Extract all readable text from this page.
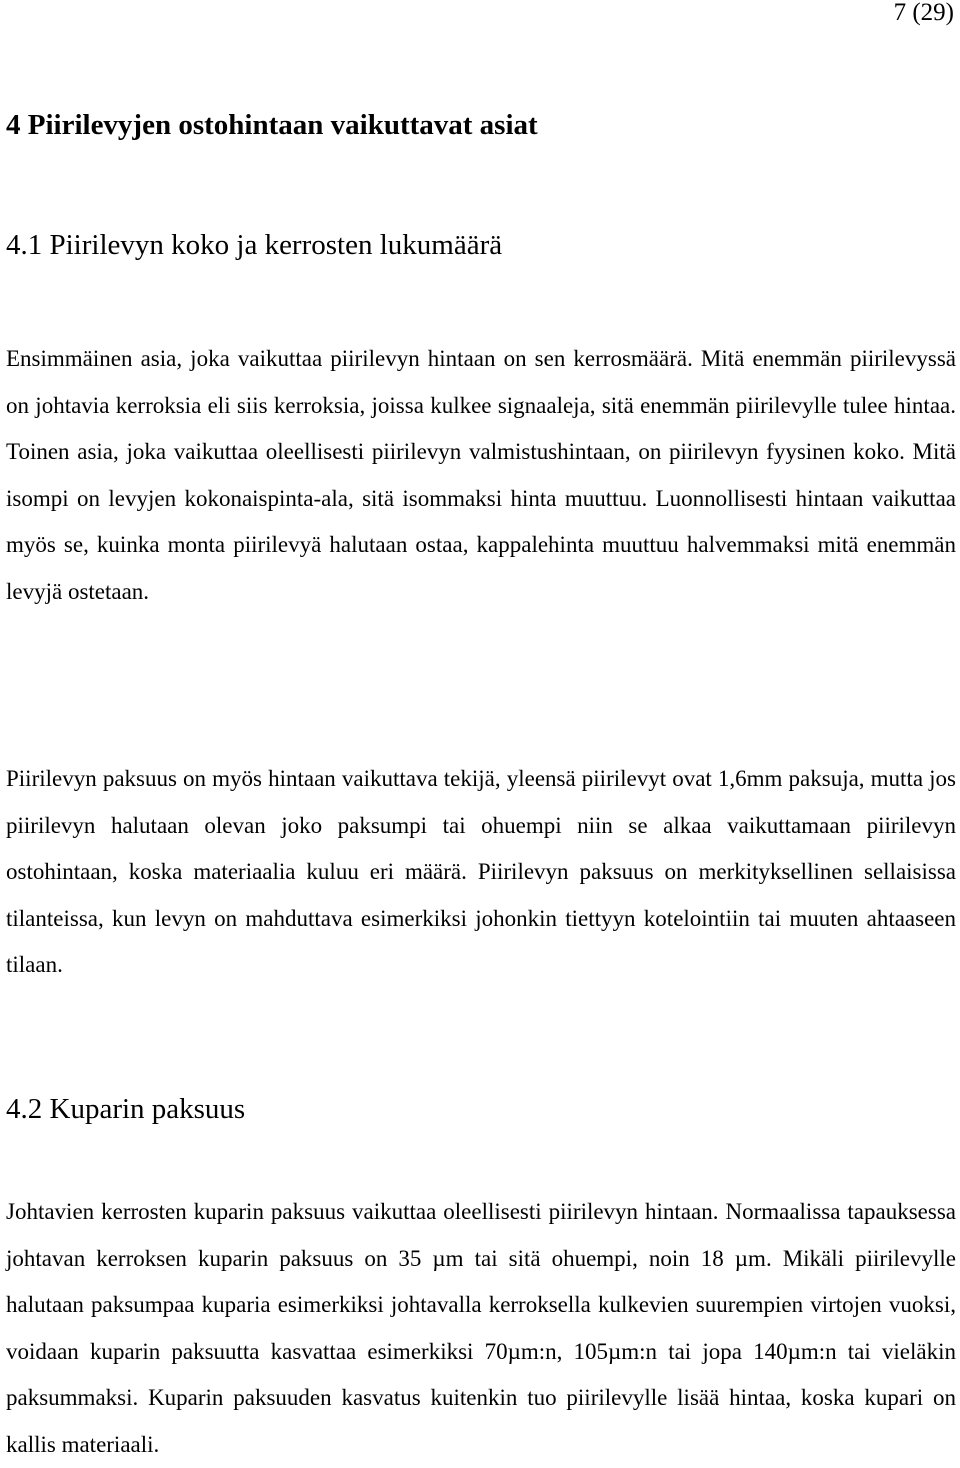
7 (29)
4 Piirilevyjen ostohintaan vaikuttavat asiat
4.1 Piirilevyn koko ja kerrosten lukumäärä

Ensimmäinen asia, joka vaikuttaa piirilevyn hintaan on sen kerrosmäärä. Mitä enemmän piirilevyssä on johtavia kerroksia eli siis kerroksia, joissa kulkee signaaleja, sitä enemmän piirilevylle tulee hintaa. Toinen asia, joka vaikuttaa oleellisesti piirilevyn valmistushintaan, on piirilevyn fyysinen koko. Mitä isompi on levyjen kokonaispinta-ala, sitä isommaksi hinta muuttuu. Luonnollisesti hintaan vaikuttaa myös se, kuinka monta piirilevyä halutaan ostaa, kappalehinta muuttuu halvemmaksi mitä enemmän levyjä ostetaan.

Piirilevyn paksuus on myös hintaan vaikuttava tekijä, yleensä piirilevyt ovat 1,6mm paksuja, mutta jos piirilevyn halutaan olevan joko paksumpi tai ohuempi niin se alkaa vaikuttamaan piirilevyn ostohintaan, koska materiaalia kuluu eri määrä. Piirilevyn paksuus on merkityksellinen sellaisissa tilanteissa, kun levyn on mahduttava esimerkiksi johonkin tiettyyn kotelointiin tai muuten ahtaaseen tilaan.

4.2 Kuparin paksuus

Johtavien kerrosten kuparin paksuus vaikuttaa oleellisesti piirilevyn hintaan. Normaalissa tapauksessa johtavan kerroksen kuparin paksuus on 35 µm tai sitä ohuempi, noin 18 µm. Mikäli piirilevylle halutaan paksumpaa kuparia esimerkiksi johtavalla kerroksella kulkevien suurempien virtojen vuoksi, voidaan kuparin paksuutta kasvattaa esimerkiksi 70µm:n, 105µm:n tai jopa 140µm:n tai vieläkin paksummaksi. Kuparin paksuuden kasvatus kuitenkin tuo piirilevylle lisää hintaa, koska kupari on kallis materiaali.
